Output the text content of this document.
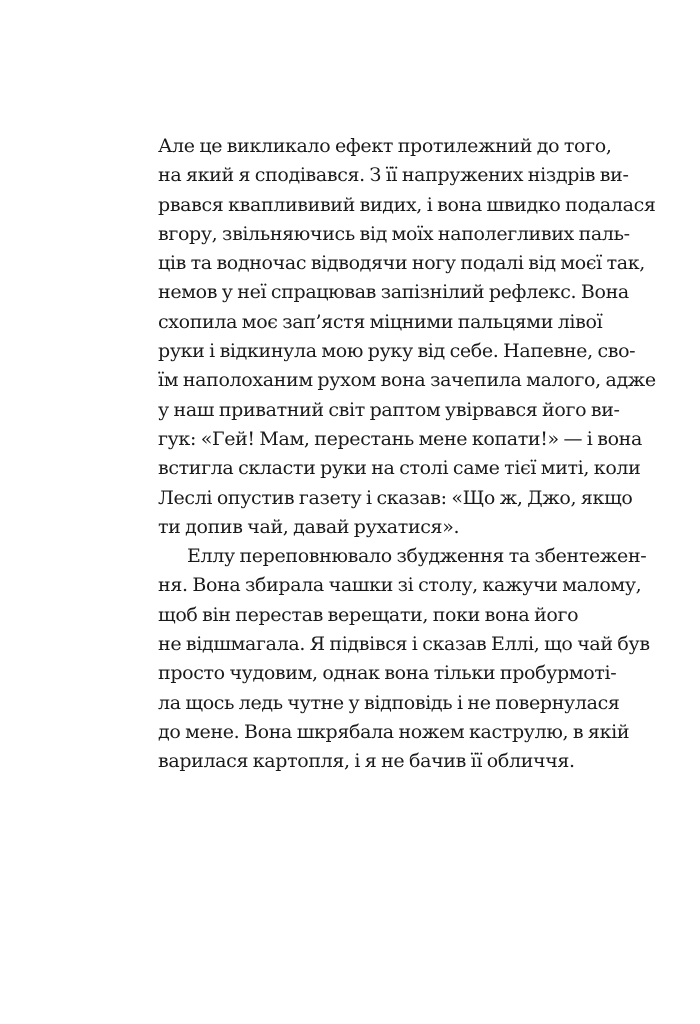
Але це викликало ефект протилежний до того,
на який я сподівався. З її напружених ніздрів ви-
рвався кваплививий видих, і вона швидко подалася
вгору, звільняючись від моїх наполегливих паль-
ців та водночас відводячи ногу подалі від моєї так,
немов у неї спрацював запізнілий рефлекс. Вона
схопила моє зап’ястя міцними пальцями лівої
руки і відкинула мою руку від себе. Напевне, сво-
їм наполоханим рухом вона зачепила малого, адже
у наш приватний світ раптом увірвався його ви-
гук: «Гей! Мам, перестань мене копати!» — і вона
встигла скласти руки на столі саме тієї миті, коли
Леслі опустив газету і сказав: «Що ж, Джо, якщо
ти допив чай, давай рухатися».
Еллу переповнювало збудження та збентежен-
ня. Вона збирала чашки зі столу, кажучи малому,
щоб він перестав верещати, поки вона його
не відшмагала. Я підвівся і сказав Еллі, що чай був
просто чудовим, однак вона тільки пробурмоті-
ла щось ледь чутне у відповідь і не повернулася
до мене. Вона шкрябала ножем каструлю, в якій
варилася картопля, і я не бачив її обличчя.
